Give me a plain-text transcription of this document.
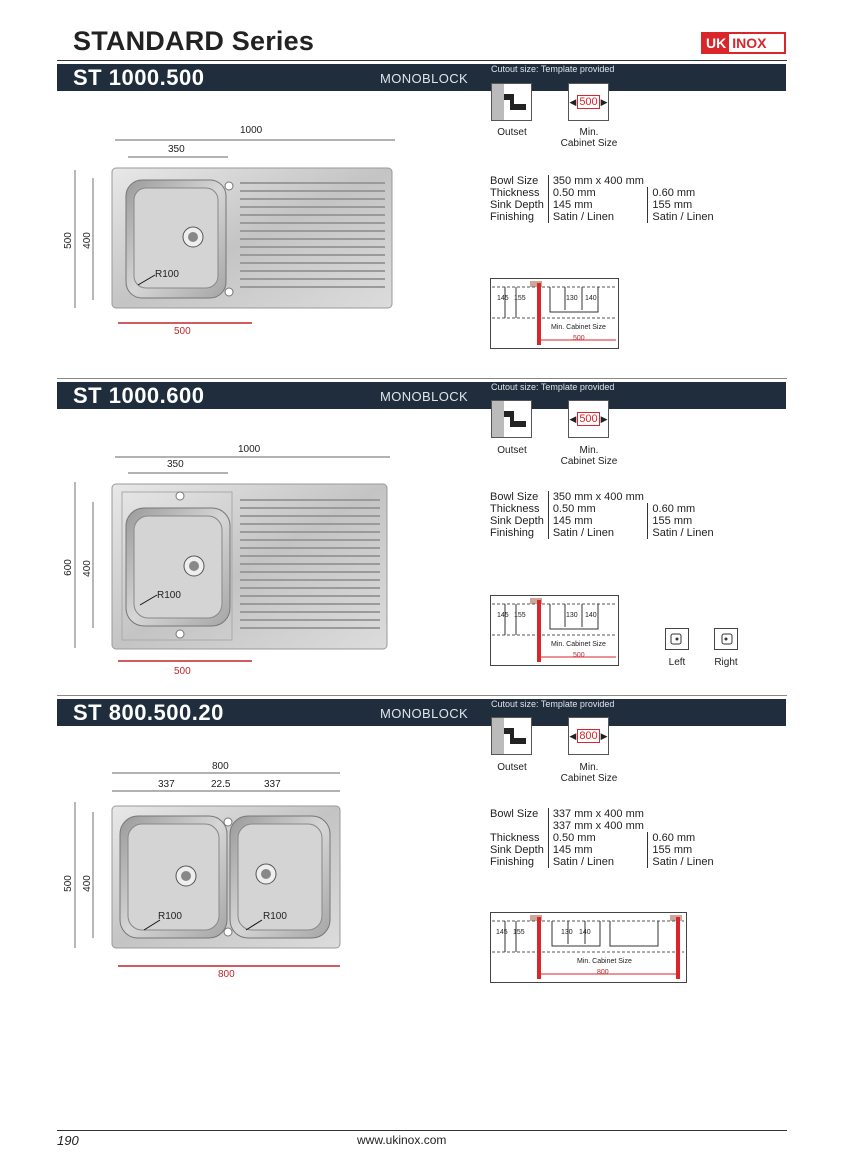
STANDARD Series	UK INOX
ST 1000.500	MONOBLOCK
Cutout size: Template provided
Outset
◀ 500 ▶
Min.
Cabinet Size
Bowl Size	350 mm x 400 mm	
Thickness	0.50 mm	0.60 mm
Sink Depth	145 mm	155 mm
Finishing	Satin / Linen	Satin / Linen
1000
350
500 400
R100
500
145 155	130 140
Min. Cabinet Size
500
ST 1000.600	MONOBLOCK
Cutout size: Template provided
Outset
◀ 500 ▶
Min.
Cabinet Size
Bowl Size	350 mm x 400 mm	
Thickness	0.50 mm	0.60 mm
Sink Depth	145 mm	155 mm
Finishing	Satin / Linen	Satin / Linen
1000
350
600 400
R100
500
145 155	130 140
Min. Cabinet Size
500
Left	Right
ST 800.500.20	MONOBLOCK
Cutout size: Template provided
Outset
◀ 800 ▶
Min.
Cabinet Size
Bowl Size	337 mm x 400 mm	
	337 mm x 400 mm	
Thickness	0.50 mm	0.60 mm
Sink Depth	145 mm	155 mm
Finishing	Satin / Linen	Satin / Linen
800
337	22.5	337
500 400
R100	R100
800
145 155	130 140
Min. Cabinet Size
800
190	www.ukinox.com
